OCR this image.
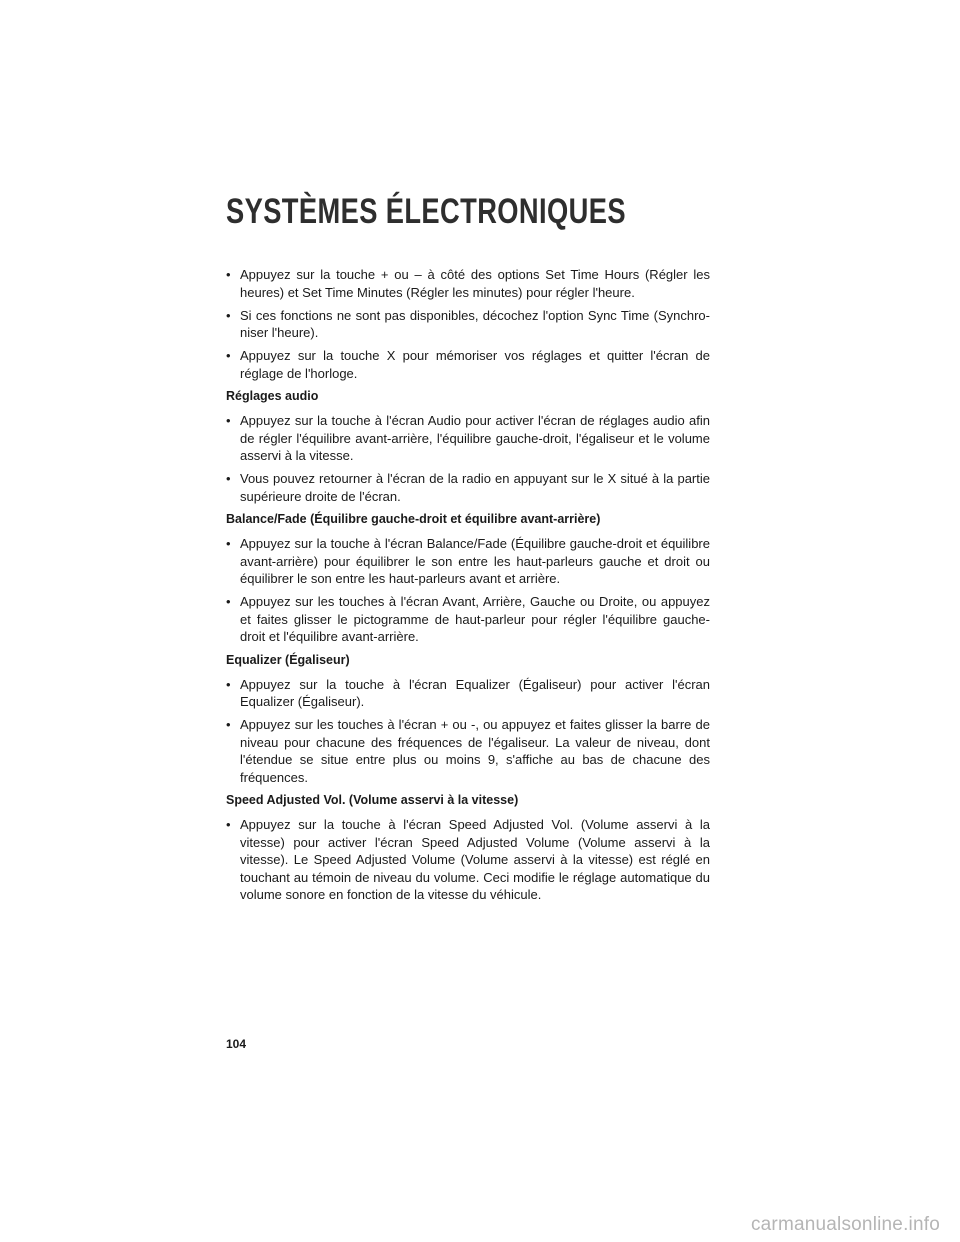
SYSTÈMES ÉLECTRONIQUES
• Appuyez sur la touche + ou – à côté des options Set Time Hours (Régler les heures) et Set Time Minutes (Régler les minutes) pour régler l'heure.
• Si ces fonctions ne sont pas disponibles, décochez l'option Sync Time (Synchro-niser l'heure).
• Appuyez sur la touche X pour mémoriser vos réglages et quitter l'écran de réglage de l'horloge.
Réglages audio
• Appuyez sur la touche à l'écran Audio pour activer l'écran de réglages audio afin de régler l'équilibre avant-arrière, l'équilibre gauche-droit, l'égaliseur et le volume asservi à la vitesse.
• Vous pouvez retourner à l'écran de la radio en appuyant sur le X situé à la partie supérieure droite de l'écran.
Balance/Fade (Équilibre gauche-droit et équilibre avant-arrière)
• Appuyez sur la touche à l'écran Balance/Fade (Équilibre gauche-droit et équilibre avant-arrière) pour équilibrer le son entre les haut-parleurs gauche et droit ou équilibrer le son entre les haut-parleurs avant et arrière.
• Appuyez sur les touches à l'écran Avant, Arrière, Gauche ou Droite, ou appuyez et faites glisser le pictogramme de haut-parleur pour régler l'équilibre gauche-droit et l'équilibre avant-arrière.
Equalizer (Égaliseur)
• Appuyez sur la touche à l'écran Equalizer (Égaliseur) pour activer l'écran Equalizer (Égaliseur).
• Appuyez sur les touches à l'écran + ou -, ou appuyez et faites glisser la barre de niveau pour chacune des fréquences de l'égaliseur. La valeur de niveau, dont l'étendue se situe entre plus ou moins 9, s'affiche au bas de chacune des fréquences.
Speed Adjusted Vol. (Volume asservi à la vitesse)
• Appuyez sur la touche à l'écran Speed Adjusted Vol. (Volume asservi à la vitesse) pour activer l'écran Speed Adjusted Volume (Volume asservi à la vitesse). Le Speed Adjusted Volume (Volume asservi à la vitesse) est réglé en touchant au témoin de niveau du volume. Ceci modifie le réglage automatique du volume sonore en fonction de la vitesse du véhicule.
104
carmanualsonline.info
